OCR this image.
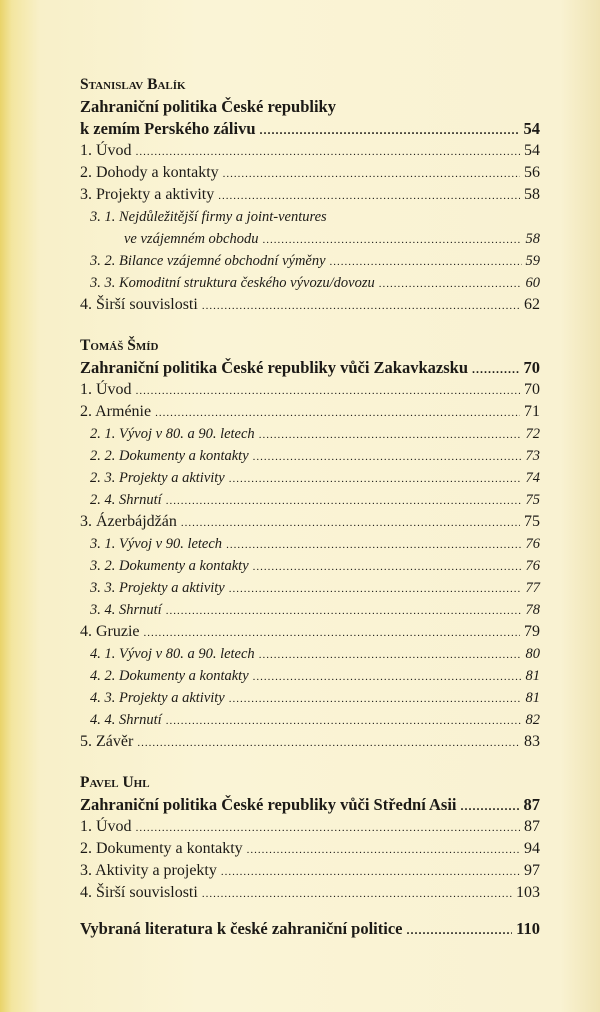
Stanislav Balík
Zahraniční politika České republiky
k zemím Perského zálivu .....	54
1. Úvod .....	54
2. Dohody a kontakty .....	56
3. Projekty a aktivity .....	58
3. 1. Nejdůležitější firmy a joint-ventures
ve vzájemném obchodu .....	58
3. 2. Bilance vzájemné obchodní výměny .....	59
3. 3. Komoditní struktura českého vývozu/dovozu .....	60
4. Širší souvislosti .....	62
Tomáš Šmíd
Zahraniční politika České republiky vůči Zakavkazsku .....	70
1. Úvod .....	70
2. Arménie .....	71
2. 1. Vývoj v 80. a 90. letech .....	72
2. 2. Dokumenty a kontakty .....	73
2. 3. Projekty a aktivity .....	74
2. 4. Shrnutí .....	75
3. Ázerbájdžán .....	75
3. 1. Vývoj v 90. letech .....	76
3. 2. Dokumenty a kontakty .....	76
3. 3. Projekty a aktivity .....	77
3. 4. Shrnutí .....	78
4. Gruzie .....	79
4. 1. Vývoj v 80. a 90. letech .....	80
4. 2. Dokumenty a kontakty .....	81
4. 3. Projekty a aktivity .....	81
4. 4. Shrnutí .....	82
5. Závěr .....	83
Pavel Uhl
Zahraniční politika České republiky vůči Střední Asii .....	87
1. Úvod .....	87
2. Dokumenty a kontakty .....	94
3. Aktivity a projekty .....	97
4. Širší souvislosti .....	103
Vybraná literatura k české zahraniční politice .....	110
